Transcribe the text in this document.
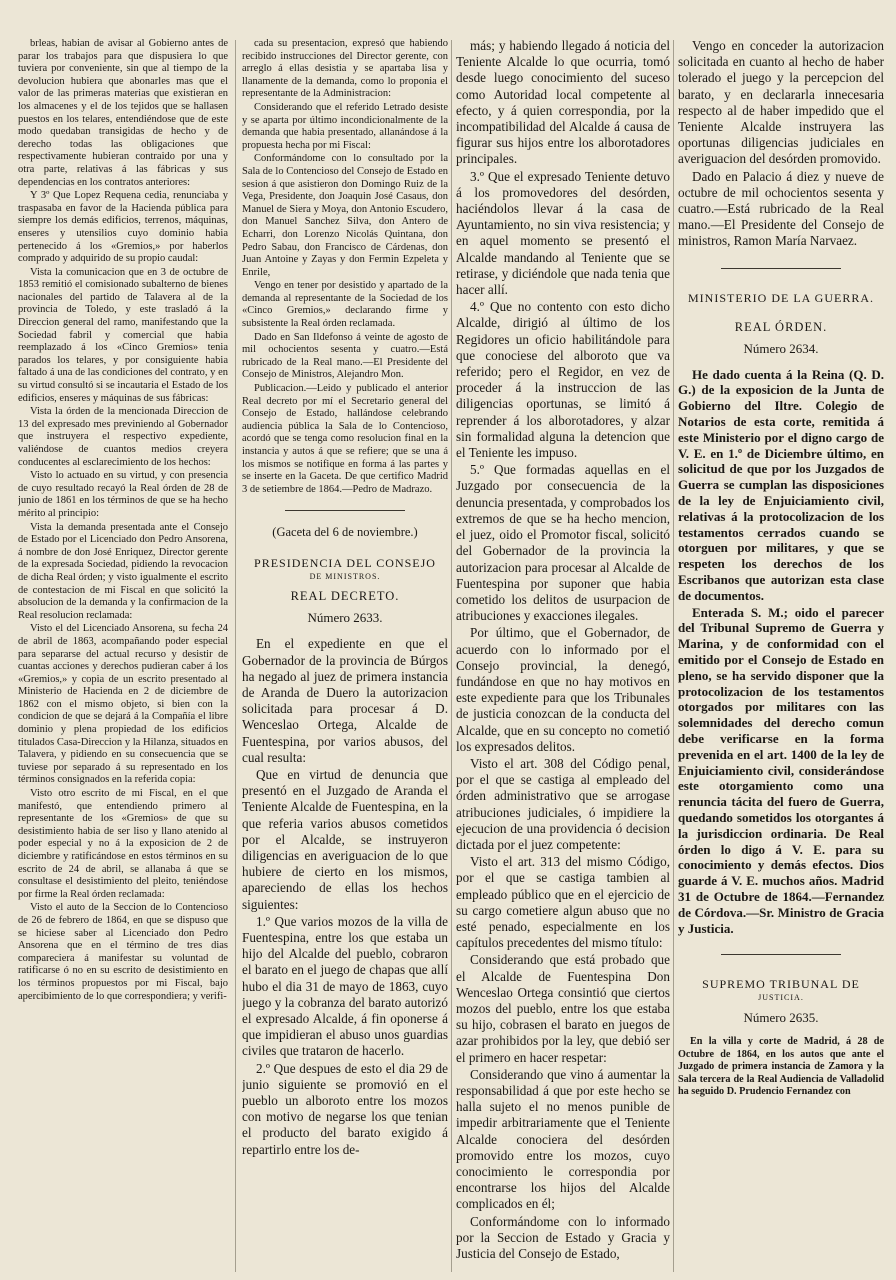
brleas, habian de avisar al Gobierno antes de parar los trabajos para que dispusiera lo que tuviera por conveniente, sin que al tiempo de la devolucion hubiera que abonarles mas que el valor de las primeras materias que existieran en los almacenes y el de los tejidos que se hallasen puestos en los telares, entendiéndose que de este modo quedaban transigidas de hecho y de derecho todas las obligaciones que respectivamente hubieran contraido por una y otra parte, relativas á las fábricas y sus dependencias en los contratos anteriores:

Y 3º Que Lopez Requena cedia, renunciaba y traspasaba en favor de la Hacienda pública para siempre los demás edificios, terrenos, máquinas, enseres y utensilios cuyo dominio habia pertenecido á los «Gremios,» por haberlos comprado y adquirido de su propio caudal:

Vista la comunicacion que en 3 de octubre de 1853 remitió el comisionado subalterno de bienes nacionales del partido de Talavera al de la provincia de Toledo, y este trasladó á la Direccion general del ramo, manifestando que la Sociedad fabril y comercial que habia reemplazado á los «Cinco Gremios» tenia parados los telares, y por consiguiente habia faltado á una de las condiciones del contrato, y en su virtud consultó si se incautaria el Estado de los edificios, enseres y máquinas de sus fábricas:

Vista la órden de la mencionada Direccion de 13 del expresado mes previniendo al Gobernador que instruyera el respectivo expediente, valiéndose de cuantos medios creyera conducentes al esclarecimiento de los hechos:

Visto lo actuado en su virtud, y con presencia de cuyo resultado recayó la Real órden de 28 de junio de 1861 en los términos de que se ha hecho mérito al principio:

Vista la demanda presentada ante el Consejo de Estado por el Licenciado don Pedro Ansorena, á nombre de don José Enriquez, Director gerente de la expresada Sociedad, pidiendo la revocacion de dicha Real órden; y visto igualmente el escrito de contestacion de mi Fiscal en que solicitó la absolucion de la demanda y la confirmacion de la Real resolucion reclamada:

Visto el del Licenciado Ansorena, su fecha 24 de abril de 1863, acompañando poder especial para separarse del actual recurso y desistir de cuantas acciones y derechos pudieran caber á los «Gremios,» y copia de un escrito presentado al Ministerio de Hacienda en 2 de diciembre de 1862 con el mismo objeto, si bien con la condicion de que se dejará á la Compañía el libre dominio y plena propiedad de los edificios titulados Casa-Direccion y la Hilanza, situados en Talavera, y pidiendo en su consecuencia que se tuviese por separado á su representado en los términos consignados en la referida copia:

Visto otro escrito de mi Fiscal, en el que manifestó, que entendiendo primero al representante de los «Gremios» de que su desistimiento habia de ser liso y llano atenido al poder especial y no á la exposicion de 2 de diciembre y ratificándose en estos términos en su escrito de 24 de abril, se allanaba á que se consultase el desistimiento del pleito, teniéndose por firme la Real órden reclamada:

Visto el auto de la Seccion de lo Contencioso de 26 de febrero de 1864, en que se dispuso que se hiciese saber al Licenciado don Pedro Ansorena que en el término de tres dias compareciera á manifestar su voluntad de ratificarse ó no en su escrito de desistimiento en los términos propuestos por mi Fiscal, bajo apercibimiento de lo que correspondiera; y verifi-

cada su presentacion, expresó que habiendo recibido instrucciones del Director gerente, con arreglo á ellas desistia y se apartaba lisa y llanamente de la demanda, como lo proponia el representante de la Administracion:

Considerando que el referido Letrado desiste y se aparta por último incondicionalmente de la demanda que habia presentado, allanándose á la propuesta hecha por mi Fiscal:

Conformándome con lo consultado por la Sala de lo Contencioso del Consejo de Estado en sesion á que asistieron don Domingo Ruiz de la Vega, Presidente, don Joaquin José Casaus, don Manuel de Siera y Moya, don Antonio Escudero, don Manuel Sanchez Silva, don Antero de Echarri, don Lorenzo Nicolás Quintana, don Pedro Sabau, don Francisco de Cárdenas, don Juan Antoine y Zayas y don Fermin Ezpeleta y Enrile,

Vengo en tener por desistido y apartado de la demanda al representante de la Sociedad de los «Cinco Gremios,» declarando firme y subsistente la Real órden reclamada.

Dado en San Ildefonso á veinte de agosto de mil ochocientos sesenta y cuatro.—Está rubricado de la Real mano.—El Presidente del Consejo de Ministros, Alejandro Mon.

Publicacion.—Leido y publicado el anterior Real decreto por mí el Secretario general del Consejo de Estado, hallándose celebrando audiencia pública la Sala de lo Contencioso, acordó que se tenga como resolucion final en la instancia y autos á que se refiere; que se una á los mismos se notifique en forma á las partes y se inserte en la Gaceta. De que certifico Madrid 3 de setiembre de 1864.—Pedro de Madrazo.

(Gaceta del 6 de noviembre.)
PRESIDENCIA DEL CONSEJO
DE MINISTROS.
REAL DECRETO.
Número 2633.

En el expediente en que el Gobernador de la provincia de Búrgos ha negado al juez de primera instancia de Aranda de Duero la autorizacion solicitada para procesar á D. Wenceslao Ortega, Alcalde de Fuentespina, por varios abusos, del cual resulta:

Que en virtud de denuncia que presentó en el Juzgado de Aranda el Teniente Alcalde de Fuentespina, en la que referia varios abusos cometidos por el Alcalde, se instruyeron diligencias en averiguacion de lo que hubiere de cierto en los mismos, apareciendo de ellas los hechos siguientes:

1.º Que varios mozos de la villa de Fuentespina, entre los que estaba un hijo del Alcalde del pueblo, cobraron el barato en el juego de chapas que allí hubo el dia 31 de mayo de 1863, cuyo juego y la cobranza del barato autorizó el expresado Alcalde, á fin oponerse á que impidieran el abuso unos guardias civiles que trataron de hacerlo.

2.º Que despues de esto el dia 29 de junio siguiente se promovió en el pueblo un alboroto entre los mozos con motivo de negarse los que tenian el producto del barato exigido á repartirlo entre los de-

más; y habiendo llegado á noticia del Teniente Alcalde lo que ocurria, tomó desde luego conocimiento del suceso como Autoridad local competente al efecto, y á quien correspondia, por la incompatibilidad del Alcalde á causa de figurar sus hijos entre los alborotadores principales.

3.º Que el expresado Teniente detuvo á los promovedores del desórden, haciéndolos llevar á la casa de Ayuntamiento, no sin viva resistencia; y en aquel momento se presentó el Alcalde mandando al Teniente que se retirase, y diciéndole que nada tenia que hacer allí.

4.º Que no contento con esto dicho Alcalde, dirigió al último de los Regidores un oficio habilitándole para que conociese del alboroto que va referido; pero el Regidor, en vez de proceder á la instruccion de las diligencias oportunas, se limitó á reprender á los alborotadores, y alzar sin formalidad alguna la detencion que el Teniente les impuso.

5.º Que formadas aquellas en el Juzgado por consecuencia de la denuncia presentada, y comprobados los extremos de que se ha hecho mencion, el juez, oido el Promotor fiscal, solicitó del Gobernador de la provincia la autorizacion para procesar al Alcalde de Fuentespina por suponer que habia cometido los delitos de usurpacion de atribuciones y exacciones ilegales.

Por último, que el Gobernador, de acuerdo con lo informado por el Consejo provincial, la denegó, fundándose en que no hay motivos en este expediente para que los Tribunales de justicia conozcan de la conducta del Alcalde, que en su concepto no cometió los expresados delitos.

Visto el art. 308 del Código penal, por el que se castiga al empleado del órden administrativo que se arrogase atribuciones judiciales, ó impidiere la ejecucion de una providencia ó decision dictada por el juez competente:

Visto el art. 313 del mismo Código, por el que se castiga tambien al empleado público que en el ejercicio de su cargo cometiere algun abuso que no esté penado, especialmente en los capítulos precedentes del mismo título:

Considerando que está probado que el Alcalde de Fuentespina Don Wenceslao Ortega consintió que ciertos mozos del pueblo, entre los que estaba su hijo, cobrasen el barato en juegos de azar prohibidos por la ley, que debió ser el primero en hacer respetar:

Considerando que vino á aumentar la responsabilidad á que por este hecho se halla sujeto el no menos punible de impedir arbitrariamente que el Teniente Alcalde conociera del desórden promovido entre los mozos, cuyo conocimiento le correspondia por encontrarse los hijos del Alcalde complicados en él;

Conformándome con lo informado por la Seccion de Estado y Gracia y Justicia del Consejo de Estado,

Vengo en conceder la autorizacion solicitada en cuanto al hecho de haber tolerado el juego y la percepcion del barato, y en declararla innecesaria respecto al de haber impedido que el Teniente Alcalde instruyera las oportunas diligencias judiciales en averiguacion del desórden promovido.

Dado en Palacio á diez y nueve de octubre de mil ochocientos sesenta y cuatro.—Está rubricado de la Real mano.—El Presidente del Consejo de ministros, Ramon María Narvaez.

MINISTERIO DE LA GUERRA.
REAL ÓRDEN.
Número 2634.

He dado cuenta á la Reina (Q. D. G.) de la exposicion de la Junta de Gobierno del Iltre. Colegio de Notarios de esta corte, remitida á este Ministerio por el digno cargo de V. E. en 1.º de Diciembre último, en solicitud de que por los Juzgados de Guerra se cumplan las disposiciones de la ley de Enjuiciamiento civil, relativas á la protocolizacion de los testamentos cerrados cuando se otorguen por militares, y que se respeten los derechos de los Escribanos que autorizan esta clase de documentos.

Enterada S. M.; oido el parecer del Tribunal Supremo de Guerra y Marina, y de conformidad con el emitido por el Consejo de Estado en pleno, se ha servido disponer que la protocolizacion de los testamentos otorgados por militares con las solemnidades del derecho comun debe verificarse en la forma prevenida en el art. 1400 de la ley de Enjuiciamiento civil, considerándose este otorgamiento como una renuncia tácita del fuero de Guerra, quedando sometidos los otorgantes á la jurisdiccion ordinaria. De Real órden lo digo á V. E. para su conocimiento y demás efectos. Dios guarde á V. E. muchos años. Madrid 31 de Octubre de 1864.—Fernandez de Córdova.—Sr. Ministro de Gracia y Justicia.

SUPREMO TRIBUNAL DE
JUSTICIA.
Número 2635.

En la villa y corte de Madrid, á 28 de Octubre de 1864, en los autos que ante el Juzgado de primera instancia de Zamora y la Sala tercera de la Real Audiencia de Valladolid ha seguido D. Prudencio Fernandez con
